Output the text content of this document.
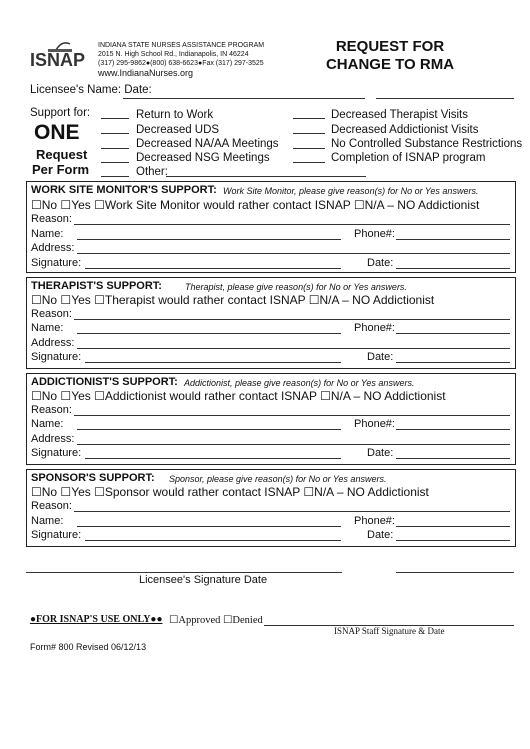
ISNAP
INDIANA STATE NURSES ASSISTANCE PROGRAM
2015 N. High School Rd., Indianapolis, IN 46224
(317) 295-9862●(800) 638-6623●Fax (317) 297-3525
www.IndianaNurses.org
REQUEST FOR
CHANGE TO RMA
Licensee's Name: Date:
Support for:
ONE
Request
Per Form
Return to Work
Decreased UDS
Decreased NA/AA Meetings
Decreased NSG Meetings
Other:
Decreased Therapist Visits
Decreased Addictionist Visits
No Controlled Substance Restrictions
Completion of ISNAP program
WORK SITE MONITOR'S SUPPORT: Work Site Monitor, please give reason(s) for No or Yes answers.
☐No ☐Yes ☐Work Site Monitor would rather contact ISNAP ☐N/A – NO Addictionist
Reason:
Name:	Phone#:
Address:
Signature:	Date:
THERAPIST'S SUPPORT:	Therapist, please give reason(s) for No or Yes answers.
☐No ☐Yes ☐Therapist would rather contact ISNAP ☐N/A – NO Addictionist
Reason:
Name:	Phone#:
Address:
Signature:	Date:
ADDICTIONIST'S SUPPORT: Addictionist, please give reason(s) for No or Yes answers.
☐No ☐Yes ☐Addictionist would rather contact ISNAP ☐N/A – NO Addictionist
Reason:
Name:	Phone#:
Address:
Signature:	Date:
SPONSOR'S SUPPORT: Sponsor, please give reason(s) for No or Yes answers.
☐No ☐Yes ☐Sponsor would rather contact ISNAP ☐N/A – NO Addictionist
Reason:
Name:	Phone#:
Signature:	Date:
Licensee's Signature Date
●FOR ISNAP'S USE ONLY●● ☐Approved ☐Denied
ISNAP Staff Signature & Date
Form# 800 Revised 06/12/13
